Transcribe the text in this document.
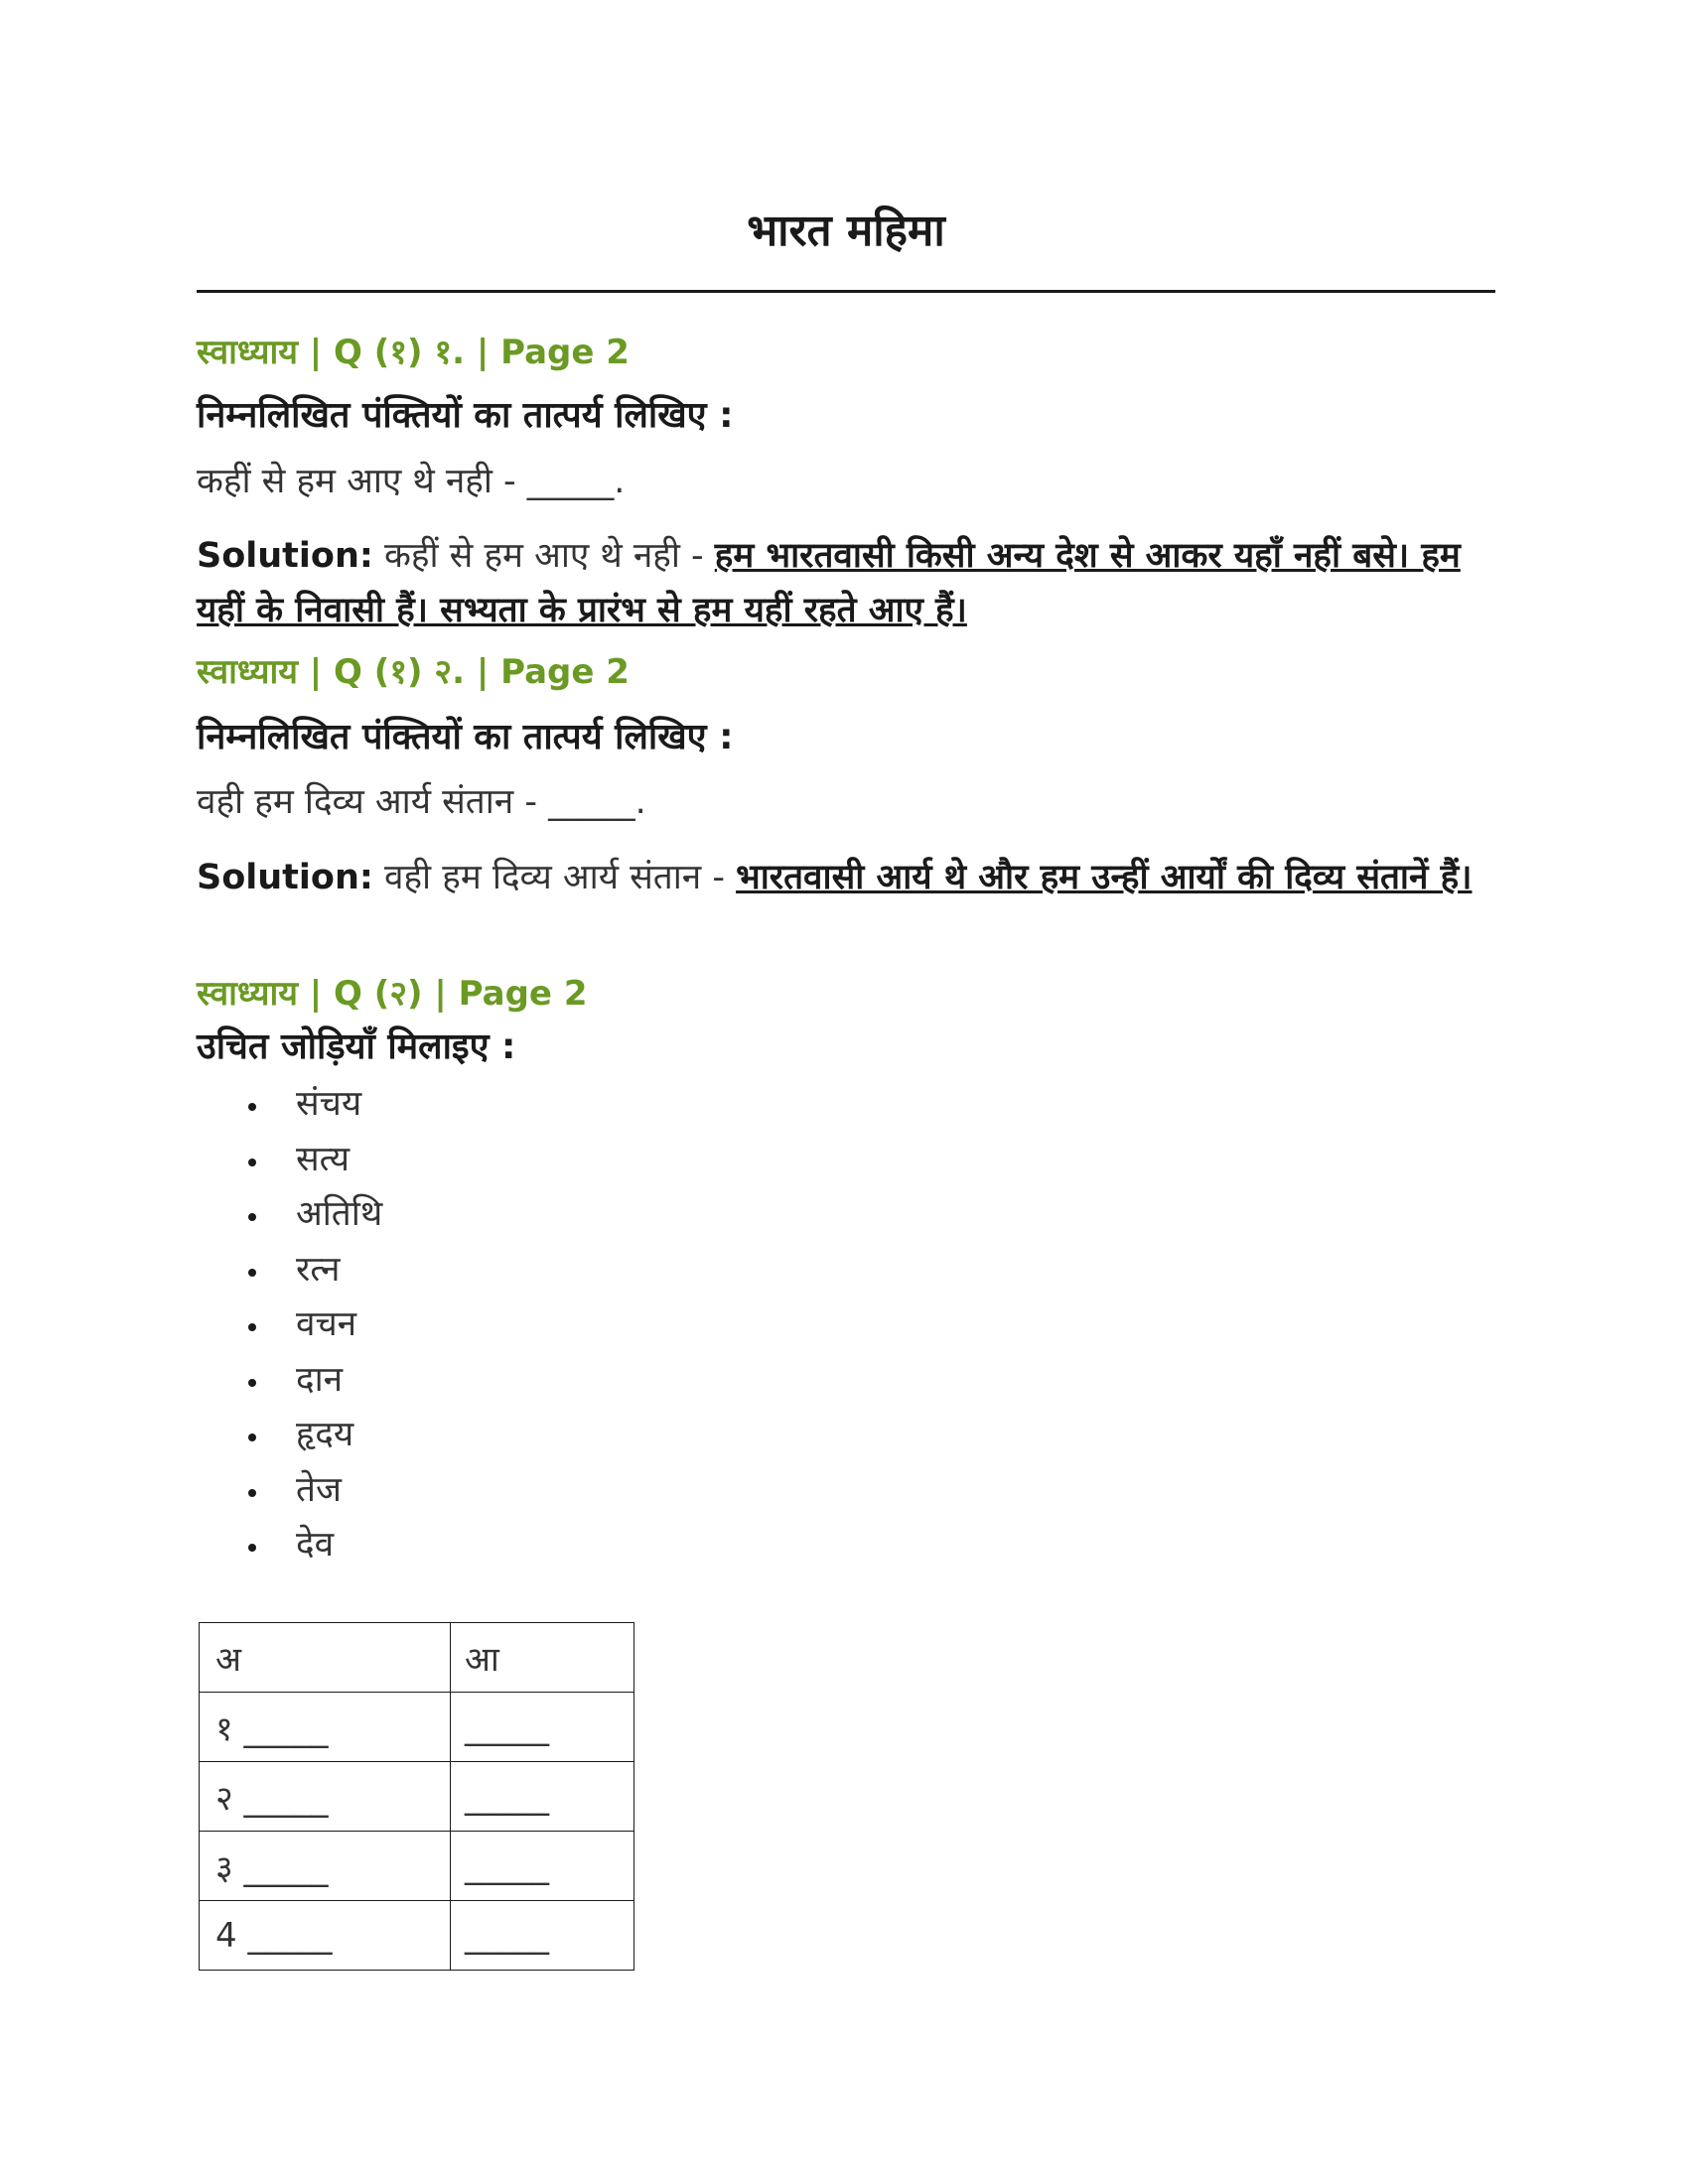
भारत महिमा
स्वाध्याय | Q (१) १. | Page 2
निम्नलिखित पंक्तियों का तात्पर्य लिखिए :
कहीं से हम आए थे नही - _____.
Solution: कहीं से हम आए थे नही - हम भारतवासी किसी अन्य देश से आकर यहाँ नहीं बसे। हम यहीं के निवासी हैं। सभ्यता के प्रारंभ से हम यहीं रहते आए हैं।
स्वाध्याय | Q (१) २. | Page 2
निम्नलिखित पंक्तियों का तात्पर्य लिखिए :
वही हम दिव्य आर्य संतान - _____.
Solution: वही हम दिव्य आर्य संतान - भारतवासी आर्य थे और हम उन्हीं आर्यों की दिव्य संतानें हैं।
स्वाध्याय | Q (२) | Page 2
उचित जोड़ियाँ मिलाइए :
संचय
सत्य
अतिथि
रत्न
वचन
दान
हृदय
तेज
देव
अ	आ
१ _____	_____
२ _____	_____
३ _____	_____
4 _____	_____
